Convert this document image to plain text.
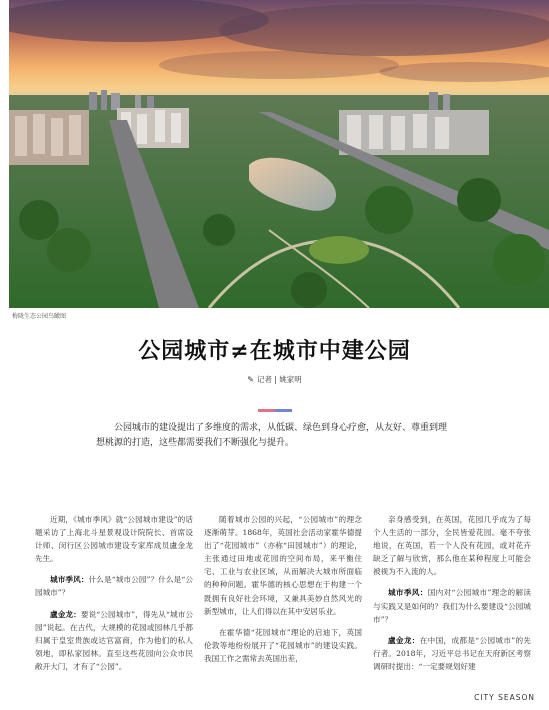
梅陇生态公园鸟瞰图
公园城市≠在城市中建公园
✎ 记者 | 姚家明
公园城市的建设提出了多维度的需求，从低碳、绿色到身心疗愈，从友好、尊重到理想桃源的打造，这些都需要我们不断强化与提升。

近期，《城市季风》就“公园城市建设”的话题采访了上海北斗星景观设计院院长、首席设计师、闵行区公园城市建设专家库成员盧金龙先生。

城市季风：什么是“城市公园”？什么是“公园城市”？

盧金龙：要说“公园城市”，得先从“城市公园”说起。在古代，大规模的花园或园林几乎都归属于皇室贵族或达官富商，作为他们的私人领地，即私家园林。直至这些花园向公众市民敞开大门，才有了“公园”。

随着城市公园的兴起，“公园城市”的理念逐渐萌芽。1868年，英国社会活动家霍华德提出了“花园城市”（亦称“田园城市”）的理论，主张通过田地或花园的空间布局，来平衡住宅、工业与农业区域，从而解决大城市所面临的种种问题。霍华德的核心思想在于构建一个既拥有良好社会环境，又兼具美妙自然风光的新型城市，让人们得以在其中安居乐业。

在霍华德“花园城市”理论的启迪下，英国伦敦等地纷纷展开了“花园城市”的建设实践。我国工作之需常去英国出差，

亲身感受到，在英国，花园几乎成为了每个人生活的一部分，全民皆爱花园。毫不夸张地说，在英国，若一个人没有花园，或对花卉缺乏了解与欣赏，那么他在某种程度上可能会被视为不入流的人。

城市季风：国内对“公园城市”理念的解读与实践又是如何的？我们为什么要建设“公园城市”？

盧金龙：在中国，成都是“公园城市”的先行者。2018年，习近平总书记在天府新区考察调研时提出：“一定要规划好建

CITY SEASON
